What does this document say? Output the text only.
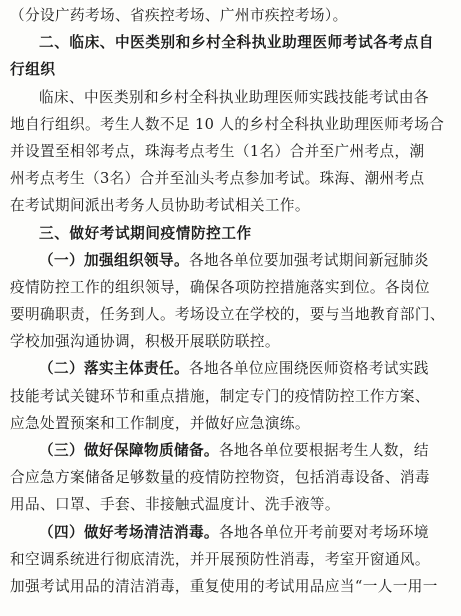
（分设广药考场、省疾控考场、广州市疾控考场）。
二、临床、中医类别和乡村全科执业助理医师考试各考点自
行组织
临床、中医类别和乡村全科执业助理医师实践技能考试由各
地自行组织。考生人数不足 10 人的乡村全科执业助理医师考场合
并设置至相邻考点，珠海考点考生（1名）合并至广州考点，潮
州考点考生（3名）合并至汕头考点参加考试。珠海、潮州考点
在考试期间派出考务人员协助考试相关工作。
三、做好考试期间疫情防控工作
（一）加强组织领导。各地各单位要加强考试期间新冠肺炎
疫情防控工作的组织领导，确保各项防控措施落实到位。各岗位
要明确职责，任务到人。考场设立在学校的，要与当地教育部门、
学校加强沟通协调，积极开展联防联控。
（二）落实主体责任。各地各单位应围绕医师资格考试实践
技能考试关键环节和重点措施，制定专门的疫情防控工作方案、
应急处置预案和工作制度，并做好应急演练。
（三）做好保障物质储备。各地各单位要根据考生人数，结
合应急方案储备足够数量的疫情防控物资，包括消毒设备、消毒
用品、口罩、手套、非接触式温度计、洗手液等。
（四）做好考场清洁消毒。各地各单位开考前要对考场环境
和空调系统进行彻底清洗，并开展预防性消毒，考室开窗通风。
加强考试用品的清洁消毒，重复使用的考试用品应当“一人一用一
